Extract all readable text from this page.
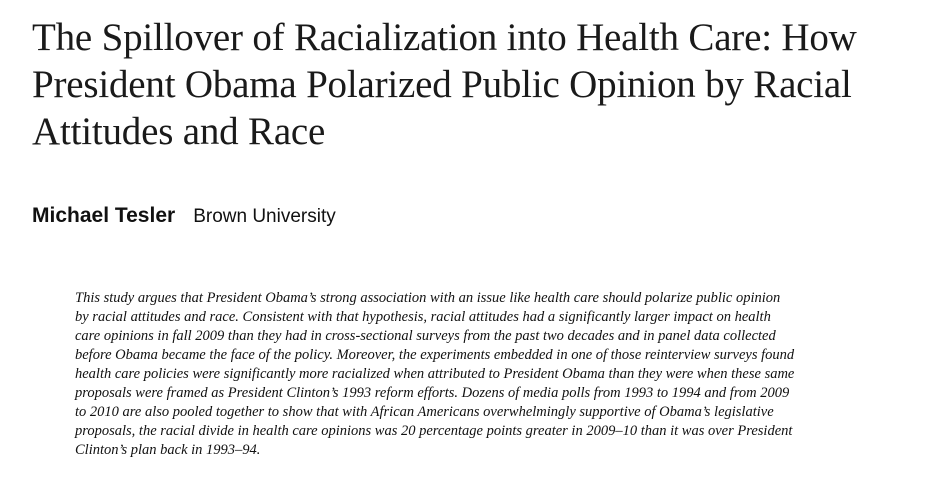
The Spillover of Racialization into Health Care: How
President Obama Polarized Public Opinion by Racial
Attitudes and Race
Michael Tesler Brown University
This study argues that President Obama’s strong association with an issue like health care should polarize public opinion
by racial attitudes and race. Consistent with that hypothesis, racial attitudes had a significantly larger impact on health
care opinions in fall 2009 than they had in cross-sectional surveys from the past two decades and in panel data collected
before Obama became the face of the policy. Moreover, the experiments embedded in one of those reinterview surveys found
health care policies were significantly more racialized when attributed to President Obama than they were when these same
proposals were framed as President Clinton’s 1993 reform efforts. Dozens of media polls from 1993 to 1994 and from 2009
to 2010 are also pooled together to show that with African Americans overwhelmingly supportive of Obama’s legislative
proposals, the racial divide in health care opinions was 20 percentage points greater in 2009–10 than it was over President
Clinton’s plan back in 1993–94.
